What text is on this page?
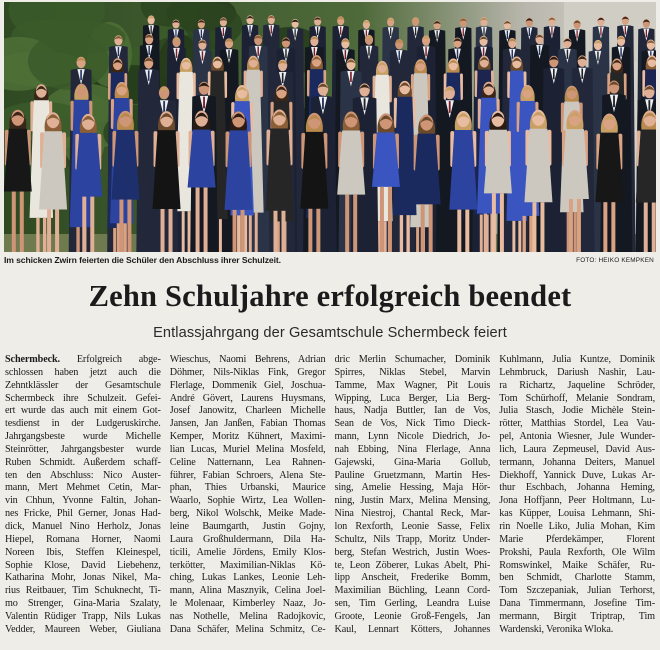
Im schicken Zwirn feierten die Schüler den Abschluss ihrer Schulzeit.	FOTO: HEIKO KEMPKEN
Zehn Schuljahre erfolgreich beendet
Entlassjahrgang der Gesamtschule Schermbeck feiert
Schermbeck. Erfolgreich abge-
schlossen haben jetzt auch die
Zehntklässler der Gesamtschule
Schermbeck ihre Schulzeit. Gefei-
ert wurde das auch mit einem Got-
tesdienst in der Ludgeruskirche.
Jahrgangsbeste wurde Michelle
Steinrötter, Jahrgangsbester wurde
Ruben Schmidt. Außerdem schaff-
ten den Abschluss: Nico Auster-
mann, Mert Mehmet Cetin, Mar-
vin Chhun, Yvonne Faltin, Johan-
nes Fricke, Phil Gerner, Jonas Had-
dick, Manuel Nino Herholz, Jonas
Hiepel, Romana Horner, Naomi
Noreen Ibis, Steffen Kleinespel,
Sophie Klose, David Liebehenz,
Katharina Mohr, Jonas Nikel, Ma-
rius Reitbauer, Tim Schuknecht, Ti-
mo Strenger, Gina-Maria Szalaty,
Valentin Rüdiger Trapp, Nils Lukas
Vedder, Maureen Weber, Giuliana
Wieschus, Naomi Behrens, Adrian
Döhmer, Nils-Niklas Fink, Gregor
Flerlage, Dommenik Giel, Joschua-
André Gövert, Laurens Huysmans,
Josef Janowitz, Charleen Michelle
Jansen, Jan Janßen, Fabian Thomas
Kemper, Moritz Kühnert, Maximi-
lian Lucas, Muriel Melina Mosfeld,
Celine Natternann, Lea Rahnen-
führer, Fabian Schroers, Alena Ste-
phan, Thies Urbanski, Maurice
Waarlo, Sophie Wirtz, Lea Wollen-
berg, Nikol Wolschk, Meike Made-
leine Baumgarth, Justin Gojny,
Laura Großhuldermann, Dila Ha-
ticili, Amelie Jördens, Emily Klos-
terkötter, Maximilian-Niklas Kö-
ching, Lukas Lankes, Leonie Leh-
mann, Alina Masznyik, Celina Joel-
le Molenaar, Kimberley Naaz, Jo-
nas Nothelle, Melina Radojkovic,
Dana Schäfer, Melina Schmitz, Ce-
dric Merlin Schumacher, Dominik
Spirres, Niklas Stebel, Marvin
Tamme, Max Wagner, Pit Louis
Wipping, Luca Berger, Lia Berg-
haus, Nadja Buttler, Ian de Vos,
Sean de Vos, Nick Timo Dieck-
mann, Lynn Nicole Diedrich, Jo-
nah Ebbing, Nina Flerlage, Anna
Gajewski, Gina-Maria Gollub,
Pauline Gruetzmann, Martin Hes-
sing, Amelie Hessing, Maja Hör-
ning, Justin Marx, Melina Mensing,
Nina Niestroj, Chantal Reck, Mar-
lon Rexforth, Leonie Sasse, Felix
Schultz, Nils Trapp, Moritz Under-
berg, Stefan Westrich, Justin Woes-
te, Leon Zöberer, Lukas Abelt, Phi-
lipp Anscheit, Frederike Bomm,
Maximilian Büchling, Leann Cord-
sen, Tim Gerling, Leandra Luise
Groote, Leonie Groß-Fengels, Jan
Kaul, Lennart Kötters, Johannes
Kuhlmann, Julia Kuntze, Dominik
Lehmbruck, Dariush Nashir, Lau-
ra Richartz, Jaqueline Schröder,
Tom Schürhoff, Melanie Sondram,
Julia Stasch, Jodie Michèle Stein-
rötter, Matthias Stordel, Lea Vau-
pel, Antonia Wiesner, Jule Wunder-
lich, Laura Zepmeusel, David Aus-
termann, Johanna Deiters, Manuel
Diekhoff, Yannick Duve, Lukas Ar-
thur Eschbach, Johanna Heming,
Jona Hoffjann, Peer Holtmann, Lu-
kas Küpper, Louisa Lehmann, Shi-
rin Noelle Liko, Julia Mohan, Kim
Marie Pferdekämper, Florent
Prokshi, Paula Rexforth, Ole Wilm
Romswinkel, Maike Schäfer, Ru-
ben Schmidt, Charlotte Stamm,
Tom Szczepaniak, Julian Terhorst,
Dana Timmermann, Josefine Tim-
mermann, Birgit Triptrap, Tim
Wardenski, Veronika Wloka.
